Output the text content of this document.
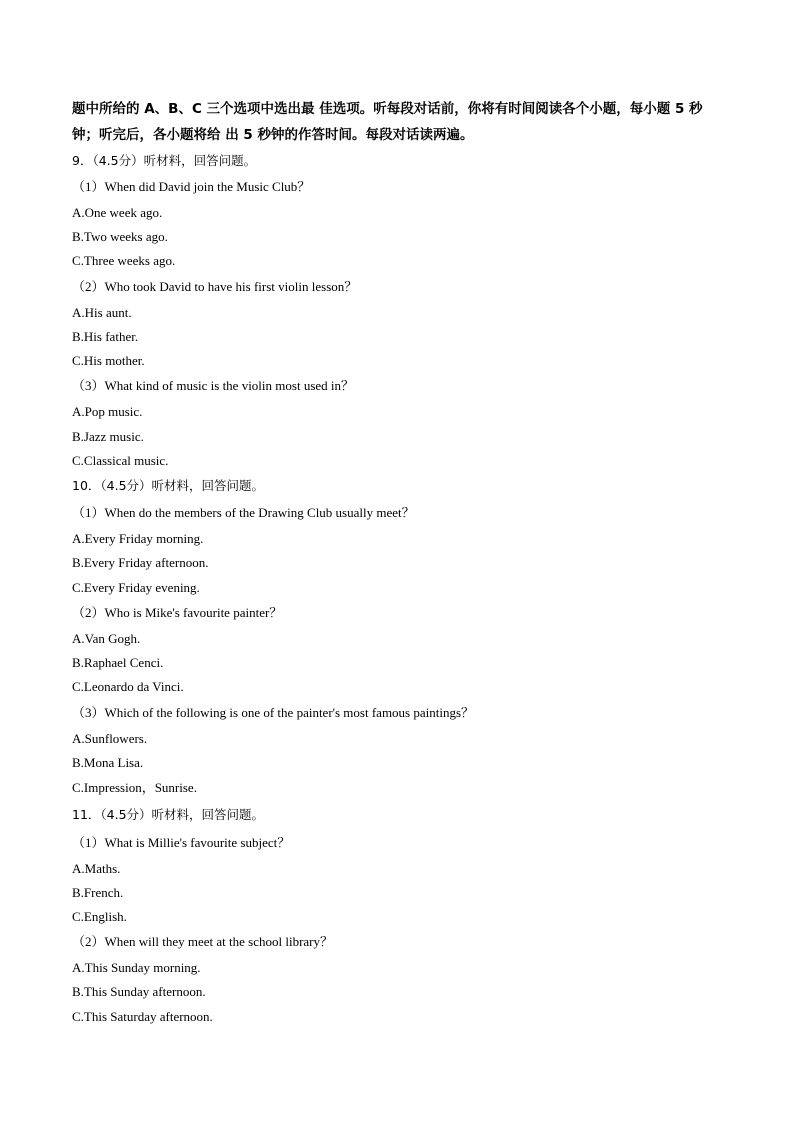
题中所给的 A、B、C 三个选项中选出最 佳选项。听每段对话前，你将有时间阅读各个小题，每小题 5 秒

钟；听完后，各小题将给 出 5 秒钟的作答时间。每段对话读两遍。

9．（4.5分）听材料，回答问题。
（1）When did David join the Music Club？
A.One week ago.
B.Two weeks ago.
C.Three weeks ago.
（2）Who took David to have his first violin lesson？
A.His aunt.
B.His father.
C.His mother.
（3）What kind of music is the violin most used in？
A.Pop music.
B.Jazz music.
C.Classical music.
10．（4.5分）听材料，回答问题。
（1）When do the members of the Drawing Club usually meet？
A.Every Friday morning.
B.Every Friday afternoon.
C.Every Friday evening.
（2）Who is Mike's favourite painter？
A.Van Gogh.
B.Raphael Cenci.
C.Leonardo da Vinci.
（3）Which of the following is one of the painter's most famous paintings？
A.Sunflowers.
B.Mona Lisa.
C.Impression，Sunrise.
11．（4.5分）听材料，回答问题。
（1）What is Millie's favourite subject？
A.Maths.
B.French.
C.English.
（2）When will they meet at the school library？
A.This Sunday morning.
B.This Sunday afternoon.
C.This Saturday afternoon.
